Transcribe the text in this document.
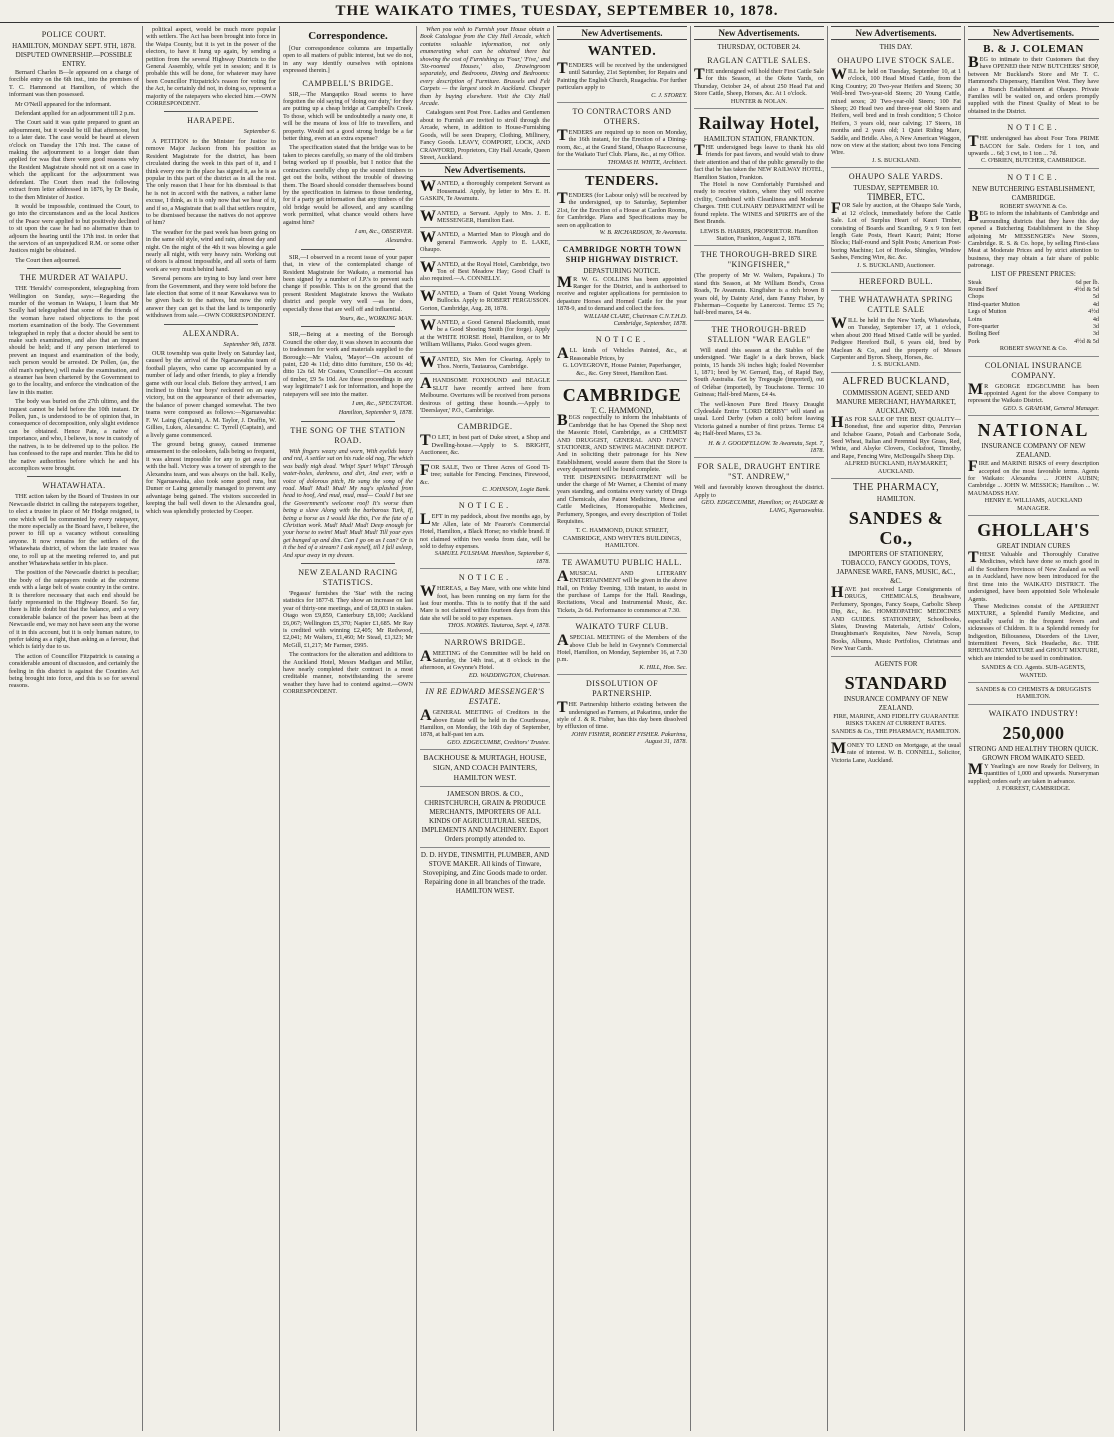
THE WAIKATO TIMES, TUESDAY, SEPTEMBER 10, 1878.
POLICE COURT.
HAMILTON, MONDAY SEPT. 9TH, 1878.
DISPUTED OWNERSHIP.—POSSIBLE ENTRY.

Bernard Charles B—le appeared on a charge of forcible entry on the 6th inst., into the premises of T. C. Hammond at Hamilton, of which the informant was then possessed.

Mr O'Neill appeared for the informant.

Defendant applied for an adjournment till 2 p.m.

The Court said it was quite prepared to grant an adjournment, but it would be till that afternoon, but to a later date. The case would be heard at eleven o'clock on Tuesday the 17th inst. The cause of making the adjournment to a longer date than applied for was that there were good reasons why the Resident Magistrate should not sit on a case in which the applicant for the adjournment was defendant. The Court then read the following extract from letter addressed in 1876, by Dr Beale, to the then Minister of Justice.

It would be impossible, continued the Court, to go into the circumstances and as the local Justices of the Peace were applied to but positively declined to sit upon the case he had no alternative than to adjourn the hearing until the 17th inst. in order that the services of an unprejudiced R.M. or some other Justices might be obtained.

The Court then adjourned.

THE MURDER AT WAIAPU.

THE 'Herald's' correspondent, telegraphing from Wellington on Sunday, says:—Regarding the murder of the woman in Waiapu, I learn that Mr Scully had telegraphed that some of the friends of the woman have raised objections to the post mortem examination of the body. The Government telegraphed in reply that a doctor should be sent to make such examination, and also that an inquest should be held; and if any person interfered to prevent an inquest and examination of the body, such person would be arrested. Dr Pollen, (as, the old man's nephew,) will make the examination, and a steamer has been chartered by the Government to go to the locality, and enforce the vindication of the law in this matter.

The body was buried on the 27th ultimo, and the inquest cannot be held before the 10th instant. Dr Pollen, jun., is understood to be of opinion that, in consequence of decomposition, only slight evidence can be obtained. Hence Pate, a native of importance, and who, I believe, is now in custody of the natives, is to be delivered up to the police. He has confessed to the rape and murder. This he did to the native authorities before which he and his accomplices were brought.

WHATAWHATA.

THE action taken by the Board of Trustees in our Newcastle district in calling the ratepayers together, to elect a trustee in place of Mr Hodge resigned, is one which will be commented by every ratepayer, the more especially as the Board have, I believe, the power to fill up a vacancy without consulting anyone. It now remains for the settlers of the Whatawhata district, of whom the late trustee was one, to roll up at the meeting referred to, and put another Whatawhata settler in his place.

The position of the Newcastle district is peculiar; the body of the ratepayers reside at the extreme ends with a large belt of waste country in the centre. It is therefore necessary that each end should be fairly represented in the Highway Board. So far, there is little doubt but that the balance, and a very considerable balance of the power has been at the Newcastle end, we may not have seen any the worse of it in this account, but it is only human nature, to prefer taking as a right, than asking as a favour, that which is fairly due to us.

The action of Councillor Fitzpatrick is causing a considerable amount of discussion, and certainly the feeling in this district is against the Counties Act being brought into force, and this is so for several reasons.

political aspect, would be much more popular with settlers. The Act has been brought into force in the Waipa County, but it is yet in the power of the electors, to have it hung up again, by sending a petition from the several Highway Districts to the General Assembly, while yet in session; and it is probable this will be done, for whatever may have been Councillor Fitzpatrick's reason for voting for the Act, he certainly did not, in doing so, represent a majority of the ratepayers who elected him.—OWN CORRESPONDENT.

HARAPEPE.
September 6.

A PETITION to the Minister for Justice to remove Major Jackson from his position as Resident Magistrate for the district, has been circulated during the week in this part of it, and I think every one in the place has signed it, as he is as popular in this part of the district as in all the rest. The only reason that I hear for his dismissal is that he is not in accord with the natives, a rather lame excuse, I think, as it is only now that we hear of it, and if so, a Magistrate that is all that settlers require, to be dismissed because the natives do not approve of him?

The weather for the past week has been going on in the same old style, wind and rain, almost day and night. On the night of the 4th it was blowing a gale nearly all night, with very heavy rain. Working out of doors is almost impossible, and all sorts of farm work are very much behind hand.

Several persons are trying to buy land over here from the Government, and they were told before the late election that some of it near Kawakawa was to be given back to the natives, but now the only answer they can get is that the land is temporarily withdrawn from sale.—OWN CORRESPONDENT.

ALEXANDRA.
September 9th, 1878.

OUR township was quite lively on Saturday last, caused by the arrival of the Ngaruawahia team of football players, who came up accompanied by a number of lady and other friends, to play a friendly game with our local club. Before they arrived, I am inclined to think 'our boys' reckoned on an easy victory, but on the appearance of their adversaries, the balance of power changed somewhat. The two teams were composed as follows:—Ngaruawahia: F. W. Laing (Captain), A. M. Taylor, J. Draffin, W. Gillies, Lukes, Alexandra: C. Tyrrell (Captain), and a lively game commenced.

The ground being grassy, caused immense amusement to the onlookers, falls being so frequent, it was almost impossible for any to get away far with the ball. Victory was a tower of strength to the Alexandra team, and was always on the ball. Kelly, for Ngaruawahia, also took some good runs, but Dumer or Laing generally managed to prevent any advantage being gained. The visitors succeeded in keeping the ball well down to the Alexandra goal, which was splendidly protected by Cooper.

Correspondence.

[Our correspondence columns are impartially open to all matters of public interest, but we do not, in any way identify ourselves with opinions expressed therein.]

CAMPBELL'S BRIDGE.

SIR,—The Mangapiko Road seems to have forgotten the old saying of 'doing our duty,' for they are putting up a cheap bridge at Campbell's Creek. To those, which will be undoubtedly a nasty one, it will be the means of loss of life to travellers, and property. Would not a good strong bridge be a far better thing, even at an extra expense?

The specification stated that the bridge was to be taken to pieces carefully, so many of the old timbers being worked up if possible, but I notice that the contractors carefully chop up the sound timbers to get out the bolts, without the trouble of drawing them. The Board should consider themselves bound by the specification in fairness to those tendering, for if a party get information that any timbers of the old bridge would be allowed, and any scantling work permitted, what chance would others have against him?

I am, &c., OBSERVER.
Alexandra.

SIR,—I observed in a recent issue of your paper that, in view of the contemplated change of Resident Magistrate for Waikato, a memorial has been signed by a number of J.P.'s to prevent such change if possible. This is on the ground that the present Resident Magistrate knows the Waikato district and people very well —as he does, especially those that are well off and influential.

Yours, &c., WORKING MAN.

SIR,—Being at a meeting of the Borough Council the other day, it was shown in accounts due to tradesmen for work and materials supplied to the Borough:—Mr Vialou, 'Mayor'—On account of paint, £20 4s 11d; ditto ditto furniture, £50 0s 4d; ditto 12s 6d. Mr Coates, 'Councillor'—On account of timber, £9 5s 10d. Are these proceedings in any way legitimate? I ask for information, and hope the ratepayers will see into the matter.

I am, &c., SPECTATOR.
Hamilton, September 9, 1878.
THE SONG OF THE STATION ROAD.

With fingers weary and worn, With eyelids heavy and red, A settler sat on his rude old nag, The which was badly nigh dead. 'Whip! Spur! Whip!' Through water-holes, darkness, and dirt, And ever, with a voice of dolorous pitch, He sang the song of the road. Mud! Mud! Mud! My nag's splashed from head to hoof, And mud, mud, mud— Could I but see the Government's welcome roof! It's worse than being a slave Along with the barbarous Turk, If, being a horse as I would like this, I've the fate of a Christian work. Mud! Mud! Mud! Deep enough for your horse to swim! Mud! Mud! Mud! Till your eyes get bunged up and dim. Can I go on as I can? Or is it the bed of a stream? I ask myself, till I fall asleep, And spur away in my dream.

NEW ZEALAND RACING STATISTICS.

'Pegasus' furnishes the 'Star' with the racing statistics for 1877-8. They show an increase on last year of thirty-one meetings, and of £8,003 in stakes. Otago won £9,859, Canterbury £8,100; Auckland £6,067; Wellington £5,370; Napier £1,685. Mr Ray is credited with winning £2,405; Mr Redwood, £2,041; Mr Walters, £1,460; Mr Stead, £1,323; Mr McGill, £1,217; Mr Farmer, £995.

The contractors for the alteration and additions to the Auckland Hotel, Messrs Madigan and Millar, have nearly completed their contract in a most creditable manner, notwithstanding the severe weather they have had to contend against.—OWN CORRESPONDENT.

When you wish to Furnish your House obtain a Book Catalogue from the City Hall Arcade, which contains valuable information, not only enumerating what can be obtained there but showing the cost of Furnishing as 'Four,' 'Five,' and 'Six-roomed Houses,' also, Drawingroom separately, and Bedrooms, Dining and Bedrooms: every description of Furniture. Brussels and Felt Carpets — the largest stock in Auckland. Cheaper than by buying elsewhere. Visit the City Hall Arcade.

Catalogues sent Post Free. Ladies and Gentlemen about to Furnish are invited to stroll through the Arcade, where, in addition to House-Furnishing Goods, will be seen Drapery, Clothing, Millinery, Fancy Goods. LEAVY, COMPORT, LOCK, AND CRAWFORD, Proprietors, City Hall Arcade, Queen Street, Auckland.

New Advertisements.
WANTED, a thoroughly competent Servant as Housemaid. Apply, by letter to Mrs E. H. GASKIN, Te Awamutu.
WANTED, a Servant. Apply to Mrs. J. E. MESSENGER, Hamilton East.
WANTED, a Married Man to Plough and do general Farmwork. Apply to E. LAKE, Ohaupo.
WANTED, at the Royal Hotel, Cambridge, two Ton of Best Meadow Hay; Good Chaff is also required.—A. CONNELLY.
WANTED, a Team of Quiet Young Working Bullocks. Apply to ROBERT FERGUSSON. Gorton, Cambridge, Aug. 28, 1878.
WANTED, a Good General Blacksmith, must be a Good Shoeing Smith (for forge). Apply at the WHITE HORSE Hotel, Hamilton, or to Mr William Williams, Piako. Good wages given.
WANTED, Six Men for Clearing. Apply to Thos. Norris, Tautauroa, Cambridge.
AHANDSOME FOXHOUND and BEAGLE SLUT have recently arrived here from Melbourne. Overtures will be received from persons desirous of getting these hounds.—Apply to 'Deerslayer,' P.O., Cambridge.
CAMBRIDGE.
TO LET, in best part of Duke street, a Shop and Dwelling-house.—Apply to S. BRIGHT, Auctioneer, &c.
FOR SALE, Two or Three Acres of Good Ti-tree; suitable for Fencing. Fencines, Firewood, &c.
C. JOHNSON, Logie Bank.
NOTICE.
LEFT in my paddock, about five months ago, by Mr Allen, late of Mr Fearon's Commercial Hotel, Hamilton, a Black Horse; no visible brand. If not claimed within two weeks from date, will be sold to defray expenses.
SAMUEL FULSHAM. Hamilton, September 6, 1878.
NOTICE.
WHEREAS, a Bay Mare, with one white hind foot, has been running on my farm for the last four months. This is to notify that if the said Mare is not claimed within fourteen days from this date she will be sold to pay expenses.
THOS. NORRIS. Tautaroa, Sept. 4, 1878.
NARROWS BRIDGE.
AMEETING of the Committee will be held on Saturday, the 14th inst., at 8 o'clock in the afternoon, at Gwynne's Hotel.
ED. WADDINGTON, Chairman.
IN RE EDWARD MESSENGER'S ESTATE.
AGENERAL MEETING of Creditors in the above Estate will be held in the Courthouse, Hamilton, on Monday, the 16th day of September, 1878, at half-past ten a.m.
GEO. EDGECUMBE, Creditors' Trustee.
BACKHOUSE & MURTAGH, HOUSE, SIGN, AND COACH PAINTERS, HAMILTON WEST.
JAMESON BROS. & CO., CHRISTCHURCH, GRAIN & PRODUCE MERCHANTS, IMPORTERS OF ALL KINDS OF AGRICULTURAL SEEDS, IMPLEMENTS AND MACHINERY. Export Orders promptly attended to.
D. D. HYDE, TINSMITH, PLUMBER, AND STOVE MAKER. All kinds of Tinware, Stovepiping, and Zinc Goods made to order. Repairing done in all branches of the trade. HAMILTON WEST.
New Advertisements.
WANTED.
TENDERS will be received by the undersigned until Saturday, 21st September, for Repairs and Painting the English Church, Ruagachia. For further particulars apply to
C. J. STOREY.
TO CONTRACTORS AND OTHERS.
TENDERS are required up to noon on Monday, the 16th instant, for the Erection of a Dining-room, &c., at the Grand Stand, Ohaupo Racecourse, for the Waikato Turf Club. Plans, &c., at my Office.
THOMAS H. WHITE, Architect.
TENDERS.
TENDERS (for Labour only) will be received by the undersigned, up to Saturday, September 21st, for the Erection of a House at Cardon Rooms, for Cambridge. Plans and Specifications may be seen on application to
W. B. RICHARDSON, Te Awamutu.
CAMBRIDGE NORTH TOWN SHIP HIGHWAY DISTRICT.
DEPASTURING NOTICE.
MR W. G. COLLINS has been appointed Ranger for the District, and is authorised to receive and register applications for permission to depasture Horses and Horned Cattle for the year 1878-9, and to demand and collect the fees.
WILLIAM CLARE, Chairman C.N.T.H.D. Cambridge, September, 1878.
NOTICE.
ALL kinds of Vehicles Painted, &c., at Reasonable Prices, by
G. LOVEGROVE, House Painter, Paperhanger, &c., &c. Grey Street, Hamilton East.
CAMBRIDGE
T. C. HAMMOND,
BEGS respectfully to inform the inhabitants of Cambridge that he has Opened the Shop next the Masonic Hotel, Cambridge, as a CHEMIST AND DRUGGIST, GENERAL AND FANCY STATIONER, AND SEWING MACHINE DEPOT. And in soliciting their patronage for his New Establishment, would assure them that the Store is every department will be found complete.

THE DISPENSING DEPARTMENT will be under the charge of Mr Warner, a Chemist of many years standing, and contains every variety of Drugs and Chemicals, also Patent Medicines, Horse and Cattle Medicines, Homœopathic Medicines, Perfumery, Sponges, and every description of Toilet Requisites.

T. C. HAMMOND, DUKE STREET, CAMBRIDGE, AND WHYTE'S BUILDINGS, HAMILTON.
TE AWAMUTU PUBLIC HALL.
AMUSICAL AND LITERARY ENTERTAINMENT will be given in the above Hall, on Friday Evening, 13th instant, to assist in the purchase of Lamps for the Hall. Readings, Recitations, Vocal and Instrumental Music, &c. Tickets, 2s 6d. Performance to commence at 7.30.
WAIKATO TURF CLUB.
ASPECIAL MEETING of the Members of the above Club be held in Gwynne's Commercial Hotel, Hamilton, on Monday, September 16, at 7.30 p.m.
K. HILL, Hon. Sec.
DISSOLUTION OF PARTNERSHIP.
THE Partnership hitherto existing between the undersigned as Farmers, at Pakarimu, under the style of J. & R. Fisher, has this day been dissolved by effluxion of time.
JOHN FISHER, ROBERT FISHER. Pakarimu, August 31, 1878.
New Advertisements.
THURSDAY, OCTOBER 24.
RAGLAN CATTLE SALES.
THE undersigned will hold their First Cattle Sale for this Season, at the Okete Yards, on Thursday, October 24, of about 250 Head Fat and Store Cattle, Sheep, Horses, &c. At 1 o'clock.
HUNTER & NOLAN.
Railway Hotel,
HAMILTON STATION, FRANKTON.
THE undersigned begs leave to thank his old friends for past favors, and would wish to draw their attention and that of the public generally to the fact that he has taken the NEW RAILWAY HOTEL, Hamilton Station, Frankton.

The Hotel is now Comfortably Furnished and ready to receive visitors, where they will receive civility, Combined with Cleanliness and Moderate Charges. THE CULINARY DEPARTMENT will be found replete. The WINES and SPIRITS are of the Best Brands.

LEWIS B. HARRIS, PROPRIETOR. Hamilton Station, Frankton, August 2, 1878.
THE THOROUGH-BRED SIRE "KINGFISHER,"
(The property of Mr W. Walters, Papakura.) To stand this Season, at Mr William Bond's, Cross Roads, Te Awamutu. Kingfisher is a rich brown 8 years old, by Dainty Ariel, dam Fanny Fisher, by Fisherman—Coquette by Lanercost. Terms: £5 7s; half-bred mares, £4 4s.
THE THOROUGH-BRED STALLION "WAR EAGLE"

Will stand this season at the Stables of the undersigned. 'War Eagle' is a dark brown, black points, 15 hands 3¾ inches high; foaled November 1, 1871; bred by W. Gerrard, Esq., of Rapid Bay, South Australia. Got by Tregeagle (imported), out of Orlèbar (imported), by Touchstone. Terms: 10 Guineas; Half-bred Mares, £4 4s.

The well-known Pure Bred Heavy Draught Clydesdale Entire "LORD DERBY" will stand as usual. Lord Derby (when a colt) before leaving Victoria gained a number of first prizes. Terms: £4 4s; Half-bred Mares, £3 3s.

H. & J. GOODFELLOW. Te Awamutu, Sept. 7, 1878.
FOR SALE, DRAUGHT ENTIRE "ST. ANDREW,"
Well and favorably known throughout the district. Apply to
GEO. EDGECUMBE, Hamilton; or, HADGRE & LANG, Ngaruawahia.
New Advertisements.
THIS DAY.
OHAUPO LIVE STOCK SALE.
WILL be held on Tuesday, September 10, at 1 o'clock, 100 Head Mixed Cattle, from the King Country; 20 Two-year Heifers and Steers; 30 Well-bred Two-year-old Steers; 20 Young Cattle, mixed sexes; 20 Two-year-old Steers; 100 Fat Sheep; 20 Head two and three-year old Steers and Heifers, well bred and in fresh condition; 5 Choice Heifers, 3 years old, near calving; 17 Steers, 18 months and 2 years old; 1 Quiet Riding Mare, Saddle, and Bridle. Also, A New American Waggon, now on view at the station; about two tons Fencing Wire.
J. S. BUCKLAND.
OHAUPO SALE YARDS.
TUESDAY, SEPTEMBER 10.
TIMBER, ETC.
FOR Sale by auction, at the Ohaupo Sale Yards, at 12 o'clock, immediately before the Cattle Sale. Lot of Surplus Heart of Kauri Timber, consisting of Boards and Scantling, 9 x 9 ton feet length Gate Posts, Heart Kauri; Paint; Horse Blocks; Half-round and Split Posts; American Post-boring Machine; Lot of Hooks, Shingles, Window Sashes, Fencing Wire, &c. &c.
J. S. BUCKLAND, Auctioneer.
HEREFORD BULL.
THE WHATAWHATA SPRING CATTLE SALE
WILL be held in the New Yards, Whatawhata, on Tuesday, September 17, at 1 o'clock, when about 200 Head Mixed Cattle will be yarded. Pedigree Hereford Bull, 6 years old, bred by Maclean & Co, and the property of Messrs Carpenter and Byron. Sheep, Horses, &c.
J. S. BUCKLAND.
ALFRED BUCKLAND,
COMMISSION AGENT, SEED AND MANURE MERCHANT, HAYMARKET, AUCKLAND,
HAS FOR SALE OF THE BEST QUALITY—Bonedust, fine and superior ditto, Peruvian and Ichaboe Guano, Potash and Carbonate Soda, Seed Wheat, Italian and Perennial Rye Grass, Red, White, and Alsyke Clovers, Cocksfoot, Timothy, and Rape, Fencing Wire, McDougall's Sheep Dip.
ALFRED BUCKLAND, HAYMARKET, AUCKLAND.
THE PHARMACY,
HAMILTON.
SANDES & Co.,
IMPORTERS OF STATIONERY, TOBACCO, FANCY GOODS, TOYS, JAPANESE WARE, FANS, MUSIC, &C., &C.
HAVE just received Large Consignments of DRUGS, CHEMICALS, Brushware, Perfumery, Sponges, Fancy Soaps, Carbolic Sheep Dip, &c., &c. HOMŒOPATHIC MEDICINES AND GUIDES. STATIONERY, Schoolbooks, Slates, Drawing Materials, Artists' Colors, Draughtsman's Requisites, New Novels, Scrap Books, Albums, Music Portfolios, Christmas and New Year Cards.
AGENTS FOR
STANDARD
INSURANCE COMPANY OF NEW ZEALAND.
FIRE, MARINE, AND FIDELITY GUARANTEE RISKS TAKEN AT CURRENT RATES.
SANDES & Co., THE PHARMACY, HAMILTON.
MONEY TO LEND on Mortgage, at the usual rate of interest. W. B. CONNELL, Solicitor, Victoria Lane, Auckland.
New Advertisements.
B. & J. COLEMAN
BEG to intimate to their Customers that they have OPENED their NEW BUTCHERS' SHOP, between Mr Buckland's Store and Mr T. C. Hammond's Dispensary, Hamilton West. They have also a Branch Establishment at Ohaupo. Private Families will be waited on, and orders promptly supplied with the Finest Quality of Meat to be obtained in the District.
NOTICE.
THE undersigned has about Four Tons PRIME BACON for Sale. Orders for 1 ton, and upwards ... 6d; 3 cwt, to 1 ton ... 7d.
C. O'BRIEN, BUTCHER, CAMBRIDGE.
NOTICE.
NEW BUTCHERING ESTABLISHMENT, CAMBRIDGE.
ROBERT SWAYNE & Co.
BEG to inform the inhabitants of Cambridge and surrounding districts that they have this day opened a Butchering Establishment in the Shop adjoining Mr MESSENGER's New Stores, Cambridge. R. S. & Co. hope, by selling First-class Meat at Moderate Prices and by strict attention to business, they may obtain a fair share of public patronage.
LIST OF PRESENT PRICES:
Steak	6d per lb.
Round Beef	4½d & 5d
Chops	5d
Hind-quarter Mutton	4d
Legs of Mutton	4½d
Loins	4d
Fore-quarter	3d
Boiling Beef	3d
Pork	4½d & 5d
ROBERT SWAYNE & Co.
COLONIAL INSURANCE COMPANY.
MR GEORGE EDGECUMBE has been appointed Agent for the above Company to represent the Waikato District.
GEO. S. GRAHAM, General Manager.
NATIONAL
INSURANCE COMPANY OF NEW ZEALAND.
FIRE and MARINE RISKS of every description accepted on the most favorable terms. Agents for Waikato: Alexandra ... JOHN AUBIN; Cambridge ... JOHN W. MESSICK; Hamilton ... W. MAUMADSS HAY.
HENRY E. WILLIAMS, AUCKLAND MANAGER.
GHOLLAH'S
GREAT INDIAN CURES
THESE Valuable and Thoroughly Curative Medicines, which have done so much good in all the Southern Provinces of New Zealand as well as in Auckland, have now been introduced for the first time into the WAIKATO DISTRICT. The undersigned, have been appointed Sole Wholesale Agents.

These Medicines consist of the APERIENT MIXTURE, a Splendid Family Medicine, and especially useful in the frequent fevers and sicknesses of Children. It is a Splendid remedy for Indigestion, Biliousness, Disorders of the Liver, Intermittent Fevers, Sick Headache, &c. THE RHEUMATIC MIXTURE and GHOUT MIXTURE, which are intended to be used in combination.

SANDES & CO. Agents. SUB-AGENTS, WANTED.
SANDES & CO CHEMISTS & DRUGGISTS HAMILTON.
WAIKATO INDUSTRY!
250,000
STRONG AND HEALTHY THORN QUICK. GROWN FROM WAIKATO SEED.
MY Yearling's are now Ready for Delivery, in quantities of 1,000 and upwards. Nurseryman supplied; orders early are taken in advance.
J. FORREST, CAMBRIDGE.
